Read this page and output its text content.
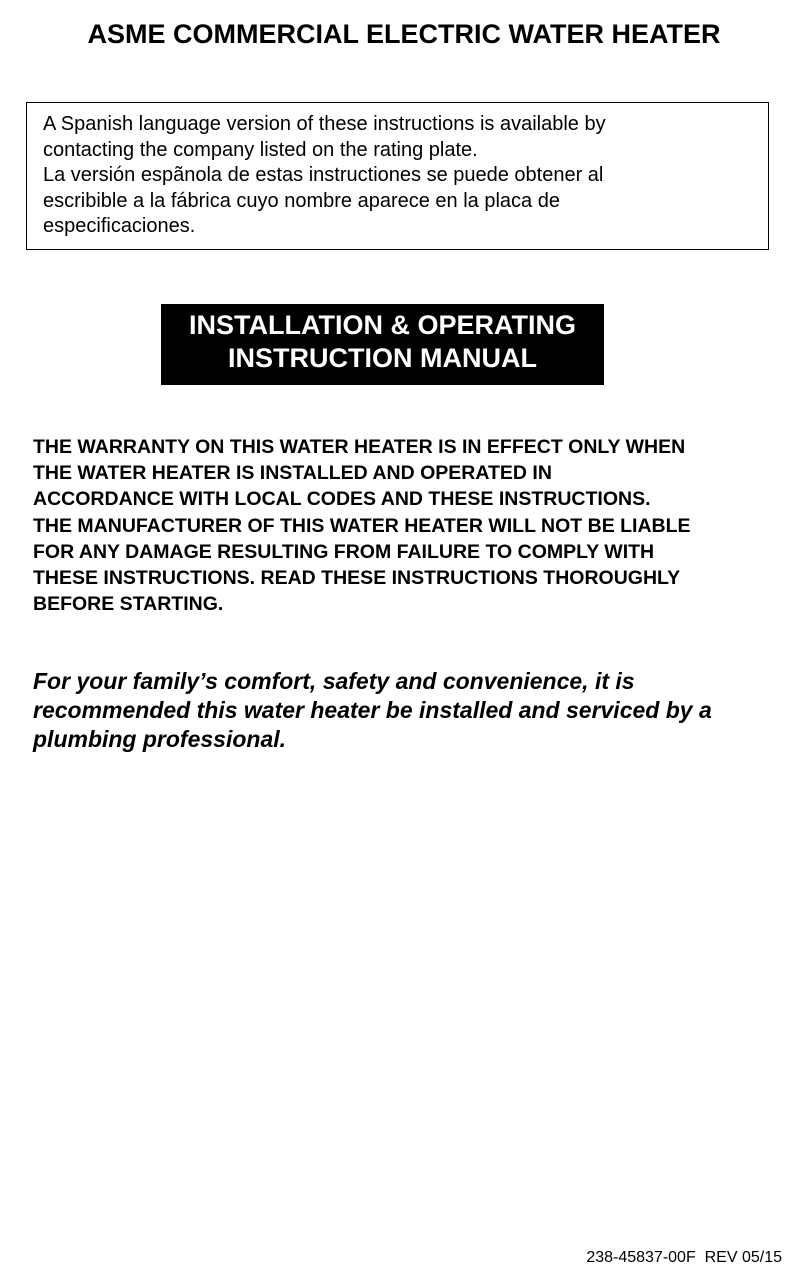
ASME COMMERCIAL ELECTRIC WATER HEATER
A Spanish language version of these instructions is available by
contacting the company listed on the rating plate.
La versión espãnola de estas instructiones se puede obtener al
escribible a la fábrica cuyo nombre aparece en la placa de
especificaciones.
INSTALLATION & OPERATING
INSTRUCTION MANUAL
THE WARRANTY ON THIS WATER HEATER IS IN EFFECT ONLY WHEN
THE WATER HEATER IS INSTALLED AND OPERATED IN
ACCORDANCE WITH LOCAL CODES AND THESE INSTRUCTIONS.
THE MANUFACTURER OF THIS WATER HEATER WILL NOT BE LIABLE
FOR ANY DAMAGE RESULTING FROM FAILURE TO COMPLY WITH
THESE INSTRUCTIONS. READ THESE INSTRUCTIONS THOROUGHLY
BEFORE STARTING.
For your family’s comfort, safety and convenience, it is
recommended this water heater be installed and serviced by a
plumbing professional.
238-45837-00F  REV 05/15
